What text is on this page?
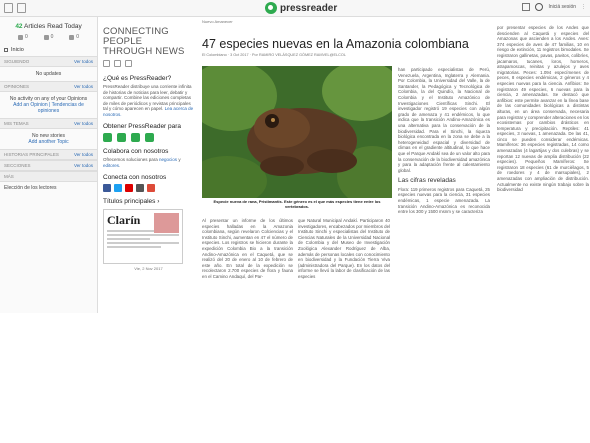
pressreader	Iniciá sesión ⋮
42 Articles Read Today
0	0	0
Inicio
SIGUIENDO	Ver todos
No updates
OPINIONES	Ver todos
No activity on any of your Opinions
Add an Opinion | Tendencias de opiniones
MIS TEMAS	Ver todos
No new stories
Add another Topic
HISTORIAS PRINCIPALES	Ver todos
SECCIONES	Ver todos
MÁS
Elección de los lectores
CONNECTING PEOPLE THROUGH NEWS
¿Qué es PressReader?

PressReader distribuye una corriente infinita de historias de noticias para leer, debatir y compartir. Combine las ediciones completas de miles de periódicos y revistas principales tal y cómo aparecen en papel. Lea acerca de nosotros.

Obtener PressReader para
Colabora con nosotros

Ofrecemos soluciones para negocios y editores.

Conecta con nosotros
Títulos principales ›
Clarín
Vie, 2 Nov 2017
Nuevo Amanecer
47 especies nuevas en la Amazonia colombiana
El Colombiano · 3 Oct 2017 · Por RAMIRO VELÁSQUEZ GÓMEZ RAMVEL@ELCOL
Especie nueva de rana, Pristimantis. Este género es el que más especies tiene entre los vertebrados.
Al presentar un informe de los últimos especies halladas en la Amazonia colombiana, según revelaron Colciencias y el Instituto Sinchi, aumentan en 47 el número de especies. Los registros se hicieron durante la expedición Colombia Bio a la transición Andino-Amazónica en el Caquetá, que se realizó del 20 de enero al 10 de febrero de este año. En total de la expedición se recolectaron 2.700 especies de flora y fauna en el Camino Andaquí, del Par-
que Natural Municipal Andakí. Participaron 40 investigadores, encabezados por miembros del Instituto Sinchi y especialistas del Instituto de Ciencias Naturales de la Universidad Nacional de Colombia y del Museo de Investigación Zoológica Alexander Rodríguez de Alba, además de personas locales con conocimiento en biodiversidad y la Fundación Tierra Viva (administradora del Parque). En los datos del informe se llevó la labor de clasificación de las especies
han participado especialistas de Perú, Venezuela, Argentina, Inglaterra y Alemania. Por Colombia, la Universidad del Valle, la de Santander, la Pedagógica y Tecnológica de Colombia, la del Quindío, la Nacional de Colombia y el Instituto Amazónico de Investigaciones Científicas Sinchi. El investigador registró 19 especies con algún grado de amenaza y 41 endémicos, lo que indica que la transición Andino-Amazónica es una alternativa para la conservación de la biodiversidad. Para el Sinchi, la riqueza biológica encontrada en la zona se debe a la heterogeneidad espacial y diversidad de climas en el gradiente altitudinal, lo que hace que el Parque Andakí sea de un valor alto para la conservación de la biodiversidad amazónica y para la adaptación frente al calentamiento global.
Las cifras reveladas
Flora: 119 primeros registros para Caquetá, 25 especies nuevas para la ciencia, 31 especies endémicas, 1 especie amenazada. La transición Andino-Amazónica es reconocida entre los 300 y 1500 msnm y se caracteriza
por presentar especies de los Andes que descienden al Caquetá y especies del Amazonas que ascienden a los Andes. Aves: 374 especies de aves de 47 familias, 10 en riesgo de extinción, 11 registros bimodales. Se registraron gallinetas, pavas, pavitos, colibríes, jacamaros, tucanes, loros, horneros, atrapamoscas, reinitas y azulejos y aves migratorias. Peces: 1.094 especímenes de peces, 8 especies endémicas, 2 géneros y 4 especies nuevas para la ciencia. Anfibios: Se registraron 49 especies, 6 nuevas para la ciencia, 2 amenazadas. Se destacó que anfibios: este permite avanzar en la línea base de las comunidades biológicas a distintas alturas, en un área conservada, necesaria para registrar y comprender alteraciones en los ecosistemas por cambios drásticos en temperatura y precipitación. Reptiles: 41 especies, 3 nuevas, 1 amenazada. De las 41, cinco se pueden considerar endémicas. Mamíferos: 36 especies registradas, 14 como amenazadas (4 lagartijas y dos culebras) y se reportan 12 nuevas de amplia distribución (22 especies). Pequeños Mamíferos: Se registraron 18 especies (61 de murciélagos, 5 de roedores y 4 de marsupiales), 2 amenazadas con ampliación de distribución. Actualmente no existe ningún trabajo sobre la biodiversidad
